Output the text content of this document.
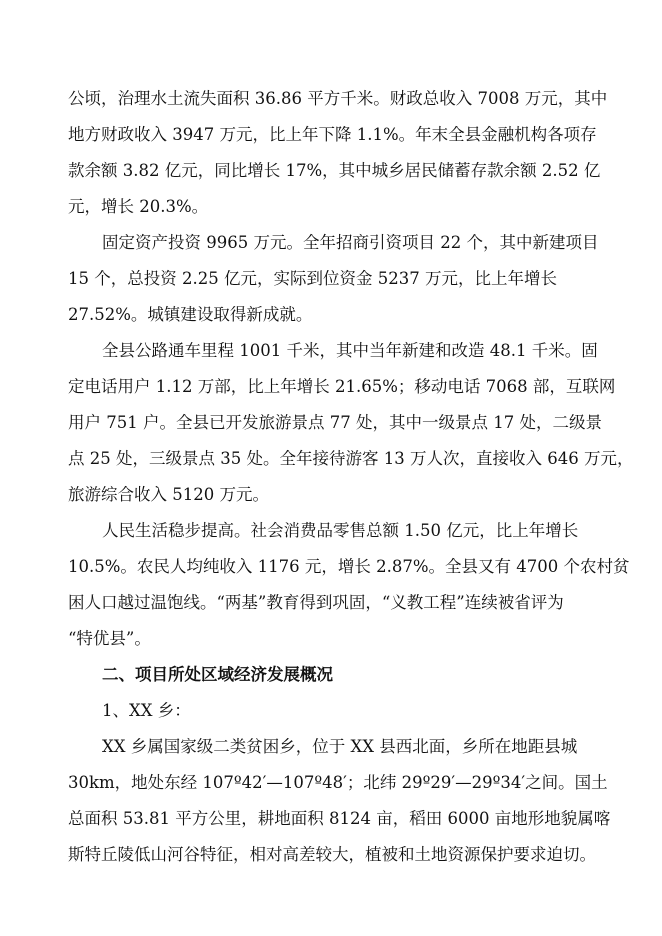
公顷，治理水土流失面积 36.86 平方千米。财政总收入 7008 万元，其中
地方财政收入 3947 万元，比上年下降 1.1%。年末全县金融机构各项存
款余额 3.82 亿元，同比增长 17%，其中城乡居民储蓄存款余额 2.52 亿
元，增长 20.3%。
固定资产投资 9965 万元。全年招商引资项目 22 个，其中新建项目
15 个，总投资 2.25 亿元，实际到位资金 5237 万元，比上年增长
27.52%。城镇建设取得新成就。
全县公路通车里程 1001 千米，其中当年新建和改造 48.1 千米。固
定电话用户 1.12 万部，比上年增长 21.65%；移动电话 7068 部，互联网
用户 751 户。全县已开发旅游景点 77 处，其中一级景点 17 处，二级景
点 25 处，三级景点 35 处。全年接待游客 13 万人次，直接收入 646 万元，
旅游综合收入 5120 万元。
人民生活稳步提高。社会消费品零售总额 1.50 亿元，比上年增长
10.5%。农民人均纯收入 1176 元，增长 2.87%。全县又有 4700 个农村贫
困人口越过温饱线。“两基”教育得到巩固，“义教工程”连续被省评为
“特优县”。
二、项目所处区域经济发展概况
1、XX 乡：
XX 乡属国家级二类贫困乡，位于 XX 县西北面，乡所在地距县城
30km，地处东经 107º42′—107º48′；北纬 29º29′—29º34′之间。国土
总面积 53.81 平方公里，耕地面积 8124 亩，稻田 6000 亩地形地貌属喀
斯特丘陵低山河谷特征，相对高差较大，植被和土地资源保护要求迫切。
